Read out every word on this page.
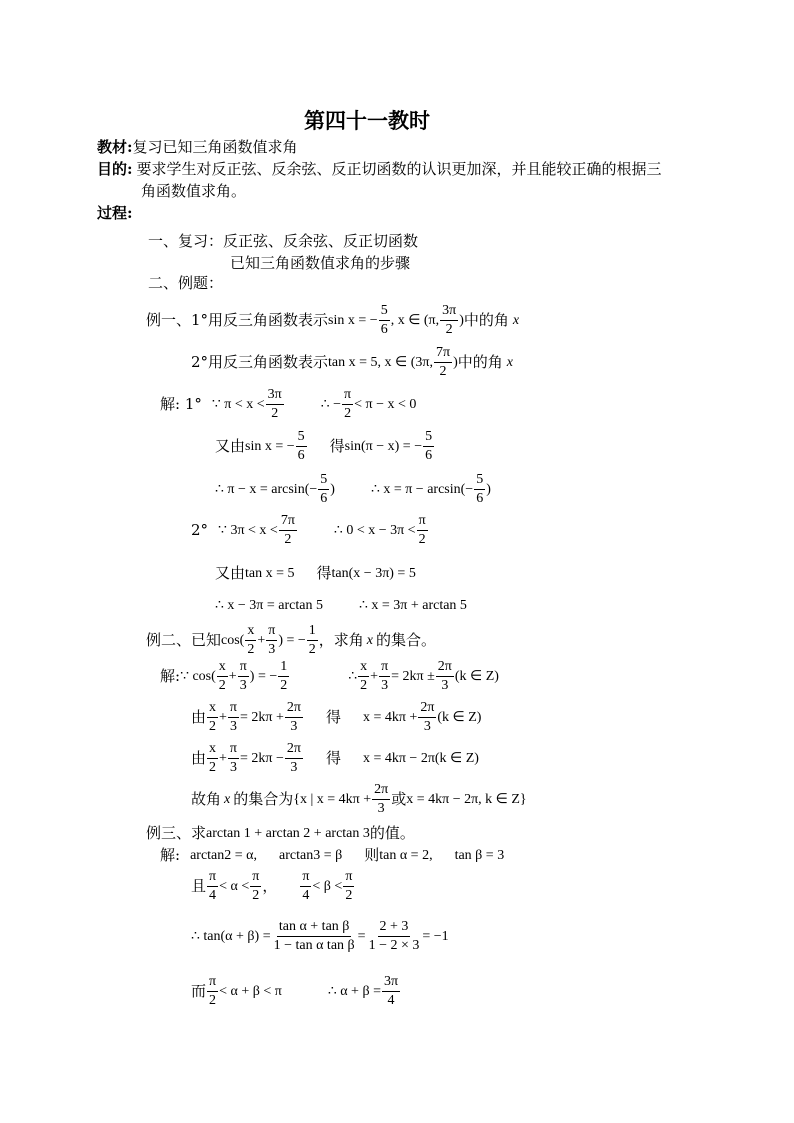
第四十一教时
教材: 复习已知三角函数值求角
目的: 要求学生对反正弦、反余弦、反正切函数的认识更加深，并且能较正确的根据三
角函数值求角。
过程:
一、复习：反正弦、反余弦、反正切函数
已知三角函数值求角的步骤
二、例题：
例一、1°用反三角函数表示 sin x = − $\frac{5}{6}$ , x ∈ (π, $\frac{3\pi}{2}$ ) 中的角 x
2°用反三角函数表示 tan x = 5, x ∈ (3π, $\frac{7\pi}{2}$ ) 中的角 x
解: 1° ∵ $\pi < x < \frac{3\pi}{2}$	∴ − $\frac{\pi}{2} < \pi - x < 0$
又由 sin x = − $\frac{5}{6}$ 得 sin(π − x) = − $\frac{5}{6}$
∴ $\pi - x = \arcsin(- \frac{5}{6}$ )	∴ $x = \pi - \arcsin(- \frac{5}{6}$ )
2° ∵ $3\pi < x < \frac{7\pi}{2}$	∴ $0 < x - 3\pi < \frac{\pi}{2}$
又由 tan x = 5 得 tan(x − 3π) = 5
∴ x − 3π = arctan 5	∴ x = 3π + arctan 5
例二、已知 $\cos( \frac{x}{2} + \frac{\pi}{3}$ ) = − $\frac{1}{2}$ ，求角 x 的集合。
解: ∵ $\cos( \frac{x}{2} + \frac{\pi}{3}$ ) = − $\frac{1}{2}$	∴ $\frac{x}{2} + \frac{\pi}{3} = 2k\pi \pm \frac{2\pi}{3} (k$ ∈ Z)
由 $\frac{x}{2} + \frac{\pi}{3} = 2k\pi + \frac{2\pi}{3}$ 得 $x = 4k\pi + \frac{2\pi}{3} (k$ ∈ Z)
由 $\frac{x}{2} + \frac{\pi}{3} = 2k\pi - \frac{2\pi}{3}$ 得 x = 4kπ − 2π(k ∈ Z)
故角 x 的集合为 {x | $x = 4k\pi + \frac{2\pi}{3}$ 或 x = 4kπ − 2π, k ∈ Z}
例三、求 arctan 1 + arctan 2 + arctan 3 的值。
解: arctan2 = α, arctan3 = β 则 tan α = 2, tan β = 3
且 $\frac{\pi}{4} < \alpha < \frac{\pi}{2}$ ， $\frac{\pi}{4} < \beta < \frac{\pi}{2}$
∴ $\tan(\alpha + \beta) = \frac{\text{tan α + tan β}}{\text{1 − tan α tan β}} = \frac{2 + 3}{1 - 2 \times 3} = -1$
而 $\frac{\pi}{2} < \alpha + \beta < \pi$	∴ $\alpha + \beta = \frac{3\pi}{4}$
